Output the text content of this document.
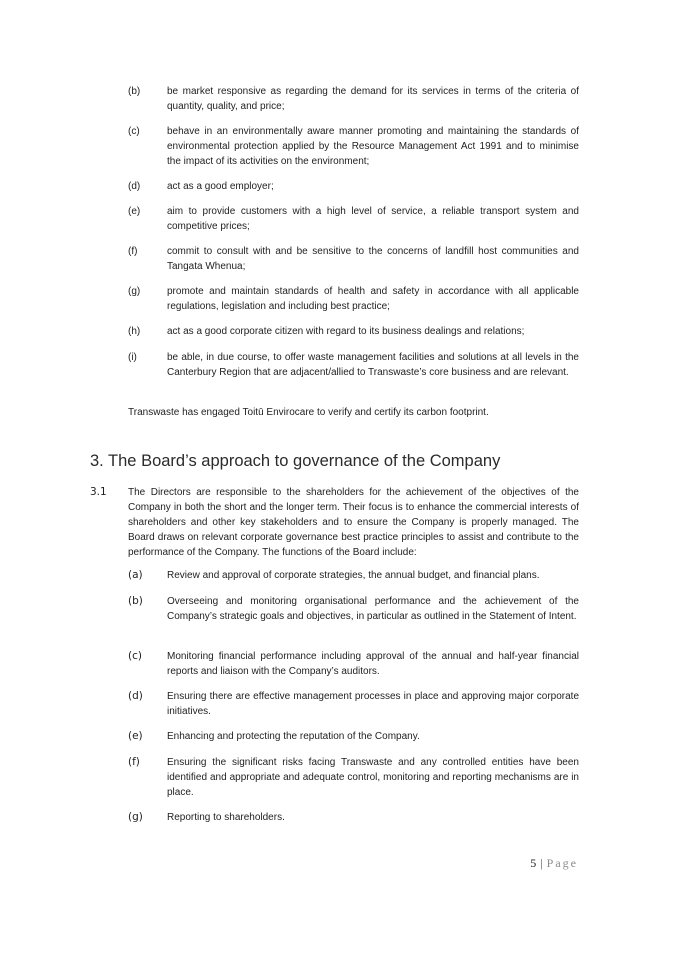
(b)	be market responsive as regarding the demand for its services in terms of the criteria of quantity, quality, and price;
(c)	behave in an environmentally aware manner promoting and maintaining the standards of environmental protection applied by the Resource Management Act 1991 and to minimise the impact of its activities on the environment;
(d)	act as a good employer;
(e)	aim to provide customers with a high level of service, a reliable transport system and competitive prices;
(f)	commit to consult with and be sensitive to the concerns of landfill host communities and Tangata Whenua;
(g)	promote and maintain standards of health and safety in accordance with all applicable regulations, legislation and including best practice;
(h)	act as a good corporate citizen with regard to its business dealings and relations;
(i)	be able, in due course, to offer waste management facilities and solutions at all levels in the Canterbury Region that are adjacent/allied to Transwaste’s core business and are relevant.
Transwaste has engaged Toitū Envirocare to verify and certify its carbon footprint.
3. The Board’s approach to governance of the Company
3.1 The Directors are responsible to the shareholders for the achievement of the objectives of the Company in both the short and the longer term. Their focus is to enhance the commercial interests of shareholders and other key stakeholders and to ensure the Company is properly managed. The Board draws on relevant corporate governance best practice principles to assist and contribute to the performance of the Company. The functions of the Board include:
(a) Review and approval of corporate strategies, the annual budget, and financial plans.
(b) Overseeing and monitoring organisational performance and the achievement of the Company’s strategic goals and objectives, in particular as outlined in the Statement of Intent.
(c)	Monitoring financial performance including approval of the annual and half-year financial reports and liaison with the Company’s auditors.
(d) Ensuring there are effective management processes in place and approving major corporate initiatives.
(e) Enhancing and protecting the reputation of the Company.
(f)	Ensuring the significant risks facing Transwaste and any controlled entities have been identified and appropriate and adequate control, monitoring and reporting mechanisms are in place.
(g) Reporting to shareholders.
5 | Page
